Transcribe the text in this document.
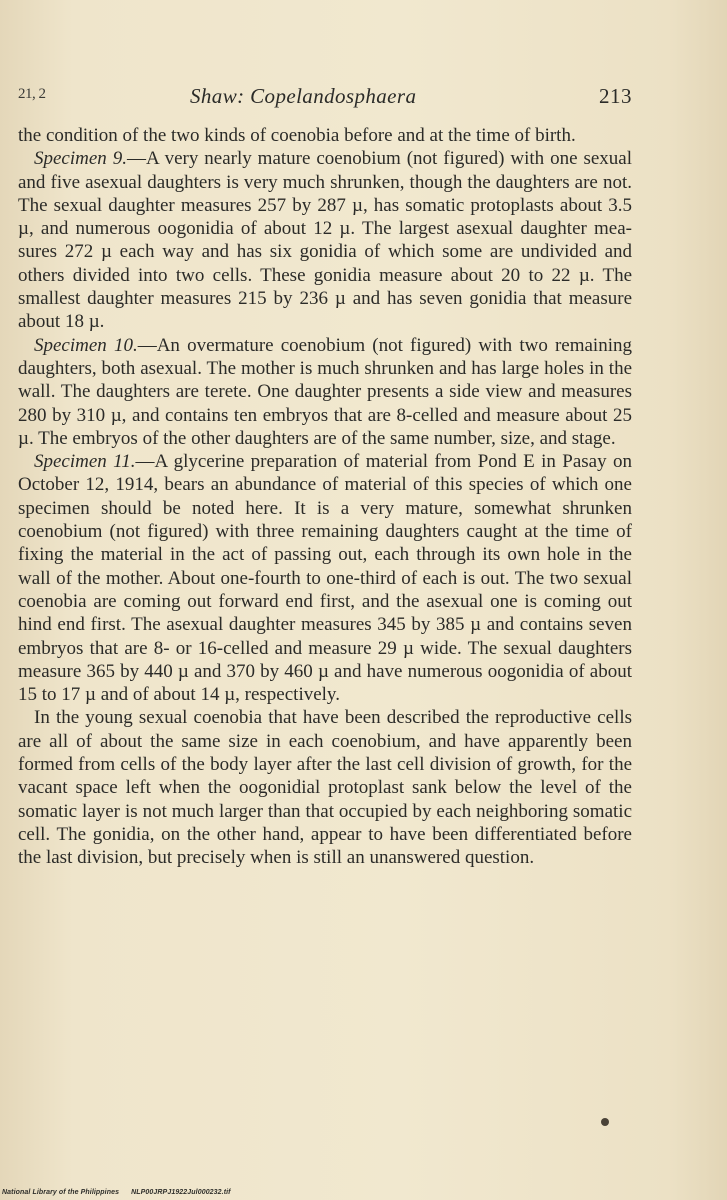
21, 2	Shaw: Copelandosphaera	213

the condition of the two kinds of coenobia before and at the time of birth.

Specimen 9.—A very nearly mature coenobium (not figured) with one sexual and five asexual daughters is very much shrunken, though the daughters are not. The sexual daughter measures 257 by 287 µ, has somatic protoplasts about 3.5 µ, and numerous oogonidia of about 12 µ. The largest asexual daughter measures 272 µ each way and has six gonidia of which some are undivided and others divided into two cells. These gonidia measure about 20 to 22 µ. The smallest daughter measures 215 by 236 µ and has seven gonidia that measure about 18 µ.

Specimen 10.—An overmature coenobium (not figured) with two remaining daughters, both asexual. The mother is much shrunken and has large holes in the wall. The daughters are terete. One daughter presents a side view and measures 280 by 310 µ, and contains ten embryos that are 8-celled and measure about 25 µ. The embryos of the other daughters are of the same number, size, and stage.

Specimen 11.—A glycerine preparation of material from Pond E in Pasay on October 12, 1914, bears an abundance of material of this species of which one specimen should be noted here. It is a very mature, somewhat shrunken coenobium (not figured) with three remaining daughters caught at the time of fixing the material in the act of passing out, each through its own hole in the wall of the mother. About one-fourth to one-third of each is out. The two sexual coenobia are coming out forward end first, and the asexual one is coming out hind end first. The asexual daughter measures 345 by 385 µ and contains seven embryos that are 8- or 16-celled and measure 29 µ wide. The sexual daughters measure 365 by 440 µ and 370 by 460 µ and have numerous oogonidia of about 15 to 17 µ and of about 14 µ, respectively.

In the young sexual coenobia that have been described the reproductive cells are all of about the same size in each coenobium, and have apparently been formed from cells of the body layer after the last cell division of growth, for the vacant space left when the oogonidial protoplast sank below the level of the somatic layer is not much larger than that occupied by each neighboring somatic cell. The gonidia, on the other hand, appear to have been differentiated before the last division, but precisely when is still an unanswered question.

National Library of the Philippines NLP00JRPJ1922Jul000232.tif
